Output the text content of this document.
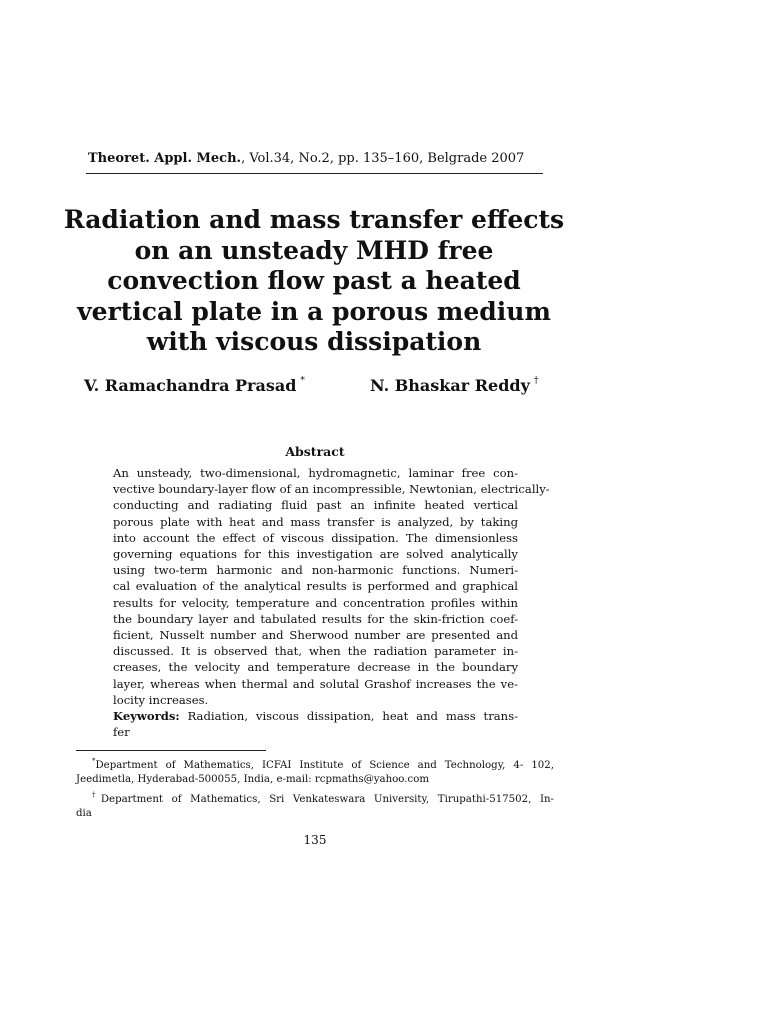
Theoret. Appl. Mech., Vol.34, No.2, pp. 135–160, Belgrade 2007
Radiation and mass transfer effects
on an unsteady MHD free
convection flow past a heated
vertical plate in a porous medium
with viscous dissipation
V. Ramachandra Prasad *	N. Bhaskar Reddy †
Abstract
An unsteady, two-dimensional, hydromagnetic, laminar free con-
vective boundary-layer flow of an incompressible, Newtonian, electrically-
conducting and radiating fluid past an infinite heated vertical
porous plate with heat and mass transfer is analyzed, by taking
into account the effect of viscous dissipation. The dimensionless
governing equations for this investigation are solved analytically
using two-term harmonic and non-harmonic functions. Numeri-
cal evaluation of the analytical results is performed and graphical
results for velocity, temperature and concentration profiles within
the boundary layer and tabulated results for the skin-friction coef-
ficient, Nusselt number and Sherwood number are presented and
discussed. It is observed that, when the radiation parameter in-
creases, the velocity and temperature decrease in the boundary
layer, whereas when thermal and solutal Grashof increases the ve-
locity increases.
Keywords: Radiation, viscous dissipation, heat and mass trans-
fer
*Department of Mathematics, ICFAI Institute of Science and Technology, 4- 102,
Jeedimetla, Hyderabad-500055, India, e-mail: rcpmaths@yahoo.com
†Department of Mathematics, Sri Venkateswara University, Tirupathi-517502, In-
dia
135
